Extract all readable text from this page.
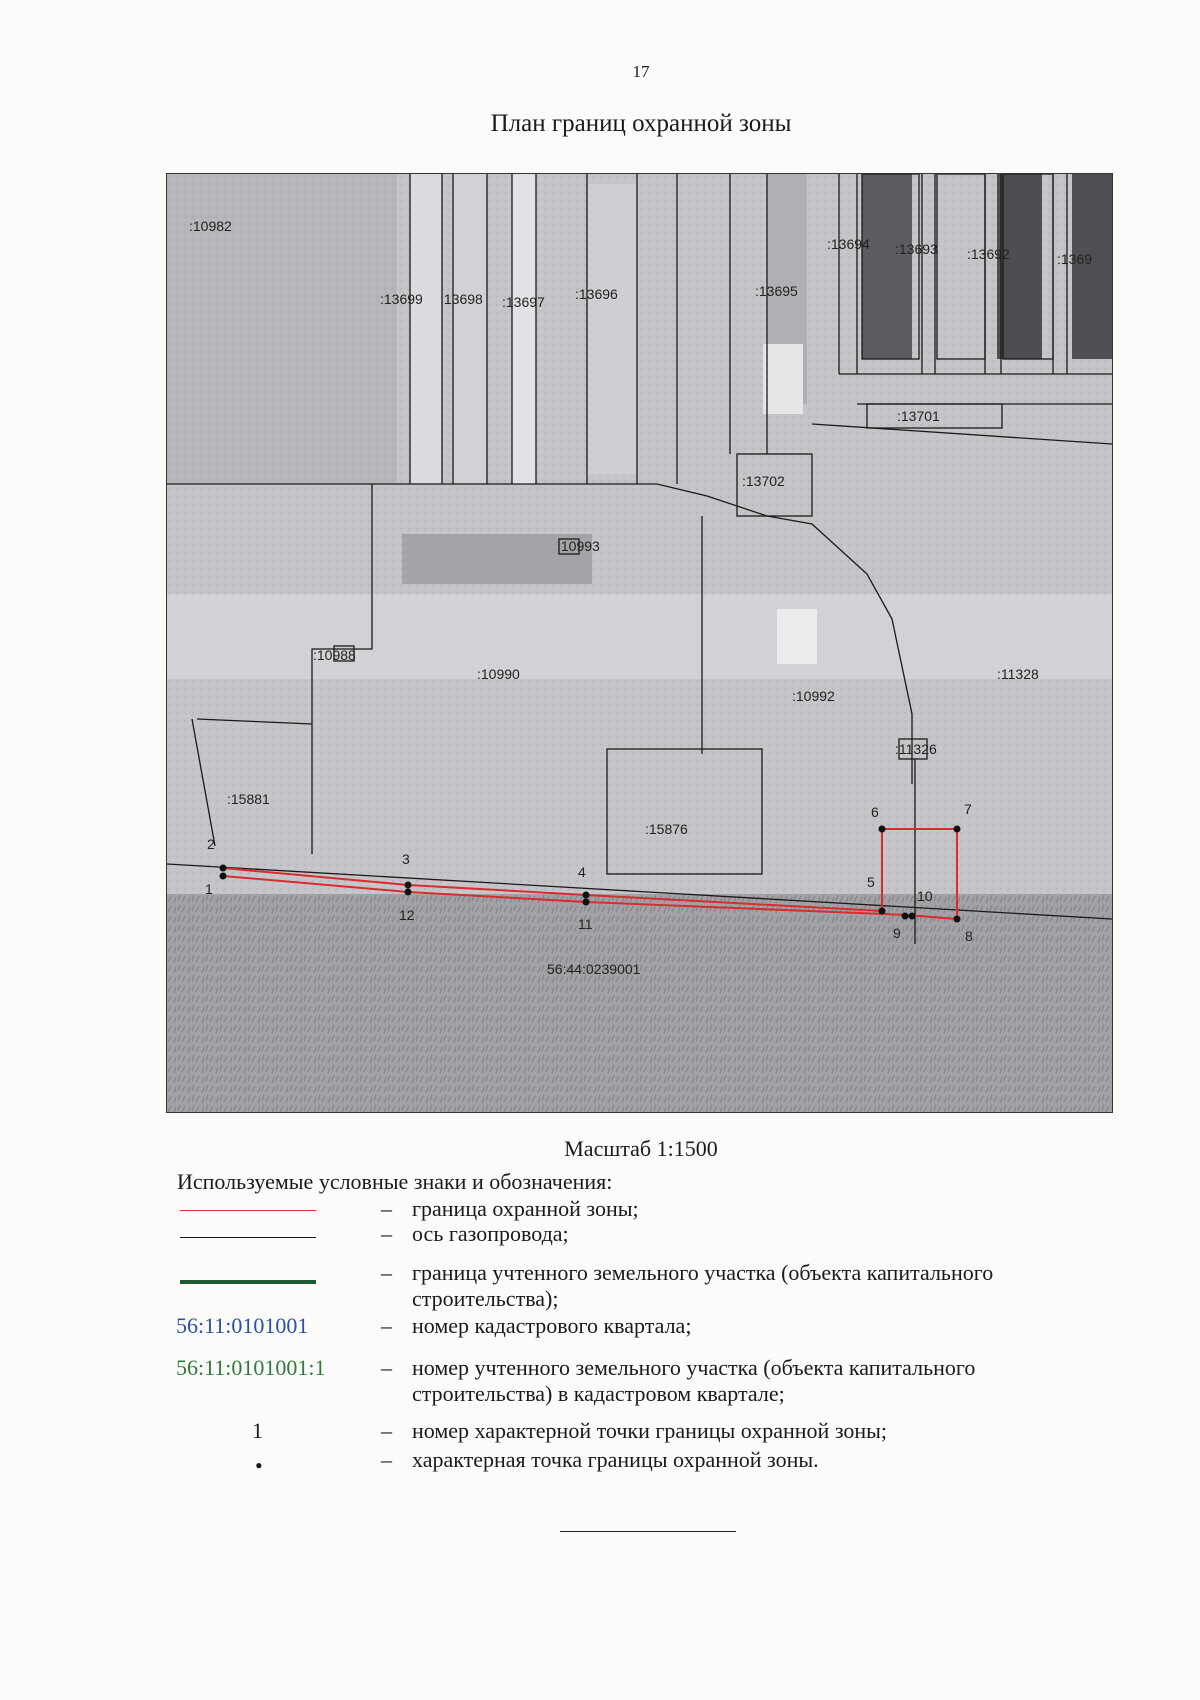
17
План границ охранной зоны
:10982
:13699 :13698 :13697 :13696	:13695
:13694 :13693 :13692	:1369
:13701
:13702
:10993
:10988
:10990
:10992
:11328
:11326
:15881
:15876
56:44:0239001
1
2
3
4
5
6	7
8
9
10
11
12
Масштаб 1:1500
Используемые условные знаки и обозначения:
– граница охранной зоны;
– ось газопровода;
– граница учтенного земельного участка (объекта капитального строительства);
56:11:0101001	– номер кадастрового квартала;
56:11:0101001:1	– номер учтенного земельного участка (объекта капитального строительства) в кадастровом квартале;
1	– номер характерной точки границы охранной зоны;
•	– характерная точка границы охранной зоны.
